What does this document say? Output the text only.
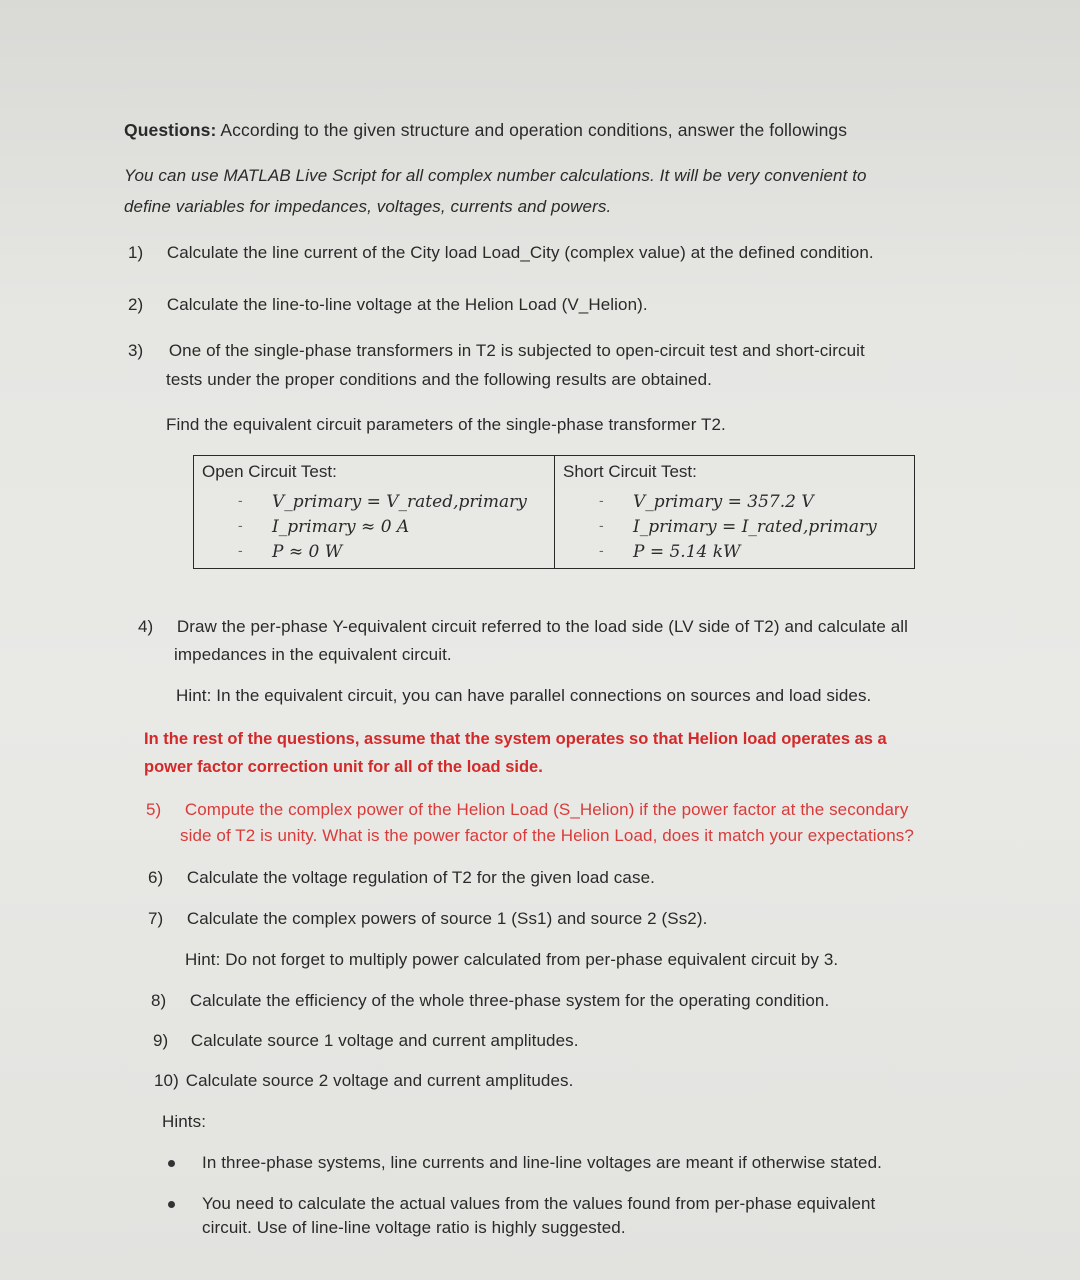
Questions: According to the given structure and operation conditions, answer the followings
You can use MATLAB Live Script for all complex number calculations. It will be very convenient to
define variables for impedances, voltages, currents and powers.
1) Calculate the line current of the City load Load_City (complex value) at the defined condition.
2) Calculate the line-to-line voltage at the Helion Load (V_Helion).
3) One of the single-phase transformers in T2 is subjected to open-circuit test and short-circuit
tests under the proper conditions and the following results are obtained.
Find the equivalent circuit parameters of the single-phase transformer T2.
Open Circuit Test:
- V_primary = V_rated,primary
- I_primary ≈ 0 A
- P ≈ 0 W
Short Circuit Test:
- V_primary = 357.2 V
- I_primary = I_rated,primary
- P = 5.14 kW
4) Draw the per-phase Y-equivalent circuit referred to the load side (LV side of T2) and calculate all
impedances in the equivalent circuit.
Hint: In the equivalent circuit, you can have parallel connections on sources and load sides.
In the rest of the questions, assume that the system operates so that Helion load operates as a
power factor correction unit for all of the load side.
5) Compute the complex power of the Helion Load (S_Helion) if the power factor at the secondary
side of T2 is unity. What is the power factor of the Helion Load, does it match your expectations?
6) Calculate the voltage regulation of T2 for the given load case.
7) Calculate the complex powers of source 1 (Ss1) and source 2 (Ss2).
Hint: Do not forget to multiply power calculated from per-phase equivalent circuit by 3.
8) Calculate the efficiency of the whole three-phase system for the operating condition.
9) Calculate source 1 voltage and current amplitudes.
10) Calculate source 2 voltage and current amplitudes.
Hints:
In three-phase systems, line currents and line-line voltages are meant if otherwise stated.
You need to calculate the actual values from the values found from per-phase equivalent
circuit. Use of line-line voltage ratio is highly suggested.
